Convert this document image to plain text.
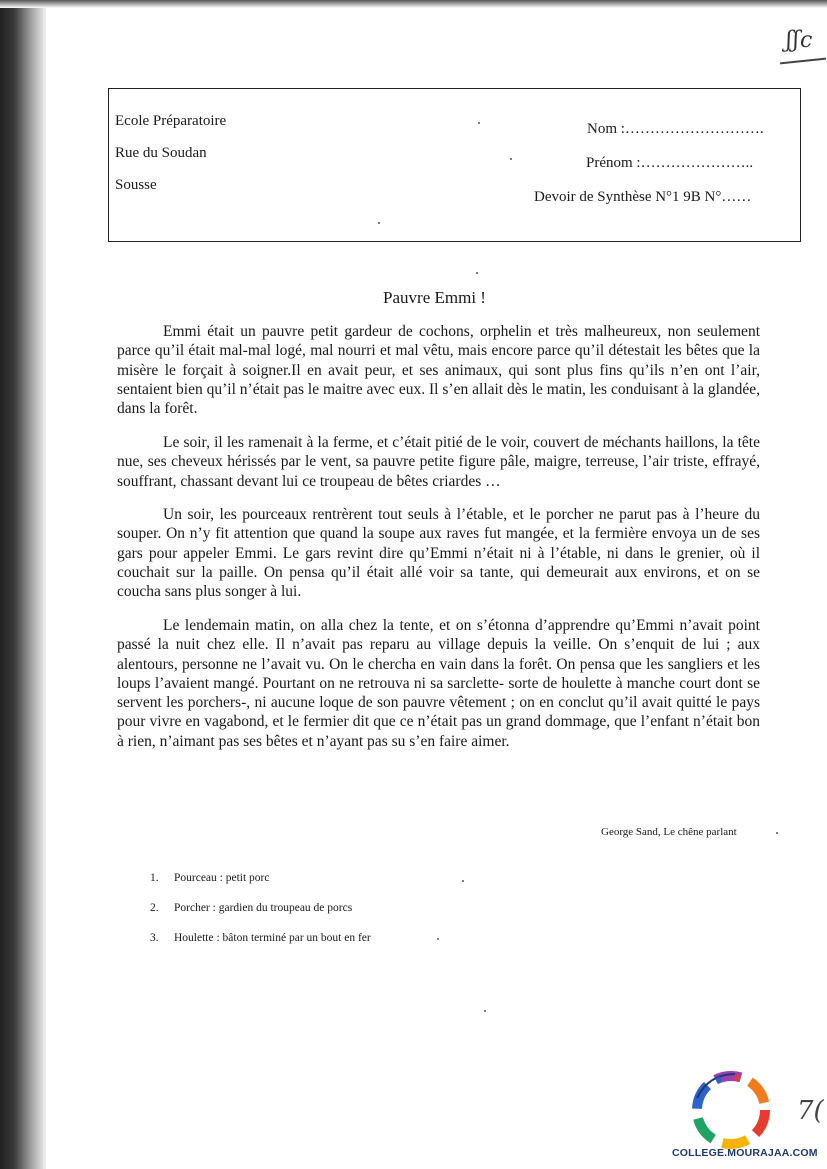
ʃʃc
Ecole Préparatoire
Rue du Soudan
Sousse
Nom :……………………….
Prénom :…………………..
Devoir de Synthèse N°1 9B N°……
Pauvre Emmi !

Emmi était un pauvre petit gardeur de cochons, orphelin et très malheureux, non seulement parce qu’il était mal-mal logé, mal nourri et mal vêtu, mais encore parce qu’il détestait les bêtes que la misère le forçait à soigner.Il en avait peur, et ses animaux, qui sont plus fins qu’ils n’en ont l’air, sentaient bien qu’il n’était pas le maitre avec eux. Il s’en allait dès le matin, les conduisant à la glandée, dans la forêt.

Le soir, il les ramenait à la ferme, et c’était pitié de le voir, couvert de méchants haillons, la tête nue, ses cheveux hérissés par le vent, sa pauvre petite figure pâle, maigre, terreuse, l’air triste, effrayé, souffrant, chassant devant lui ce troupeau de bêtes criardes …

Un soir, les pourceaux rentrèrent tout seuls à l’étable, et le porcher ne parut pas à l’heure du souper. On n’y fit attention que quand la soupe aux raves fut mangée, et la fermière envoya un de ses gars pour appeler Emmi. Le gars revint dire qu’Emmi n’était ni à l’étable, ni dans le grenier, où il couchait sur la paille. On pensa qu’il était allé voir sa tante, qui demeurait aux environs, et on se coucha sans plus songer à lui.

Le lendemain matin, on alla chez la tente, et on s’étonna d’apprendre qu’Emmi n’avait point passé la nuit chez elle. Il n’avait pas reparu au village depuis la veille. On s’enquit de lui ; aux alentours, personne ne l’avait vu. On le chercha en vain dans la forêt. On pensa que les sangliers et les loups l’avaient mangé. Pourtant on ne retrouva ni sa sarclette- sorte de houlette à manche court dont se servent les porchers-, ni aucune loque de son pauvre vêtement ; on en conclut qu’il avait quitté le pays pour vivre en vagabond, et le fermier dit que ce n’était pas un grand dommage, que l’enfant n’était bon à rien, n’aimant pas ses bêtes et n’ayant pas su s’en faire aimer.

George Sand, Le chêne parlant
1. Pourceau : petit porc
2. Porcher : gardien du troupeau de porcs
3. Houlette : bâton terminé par un bout en fer
COLLEGE.MOURAJAA.COM
7(
